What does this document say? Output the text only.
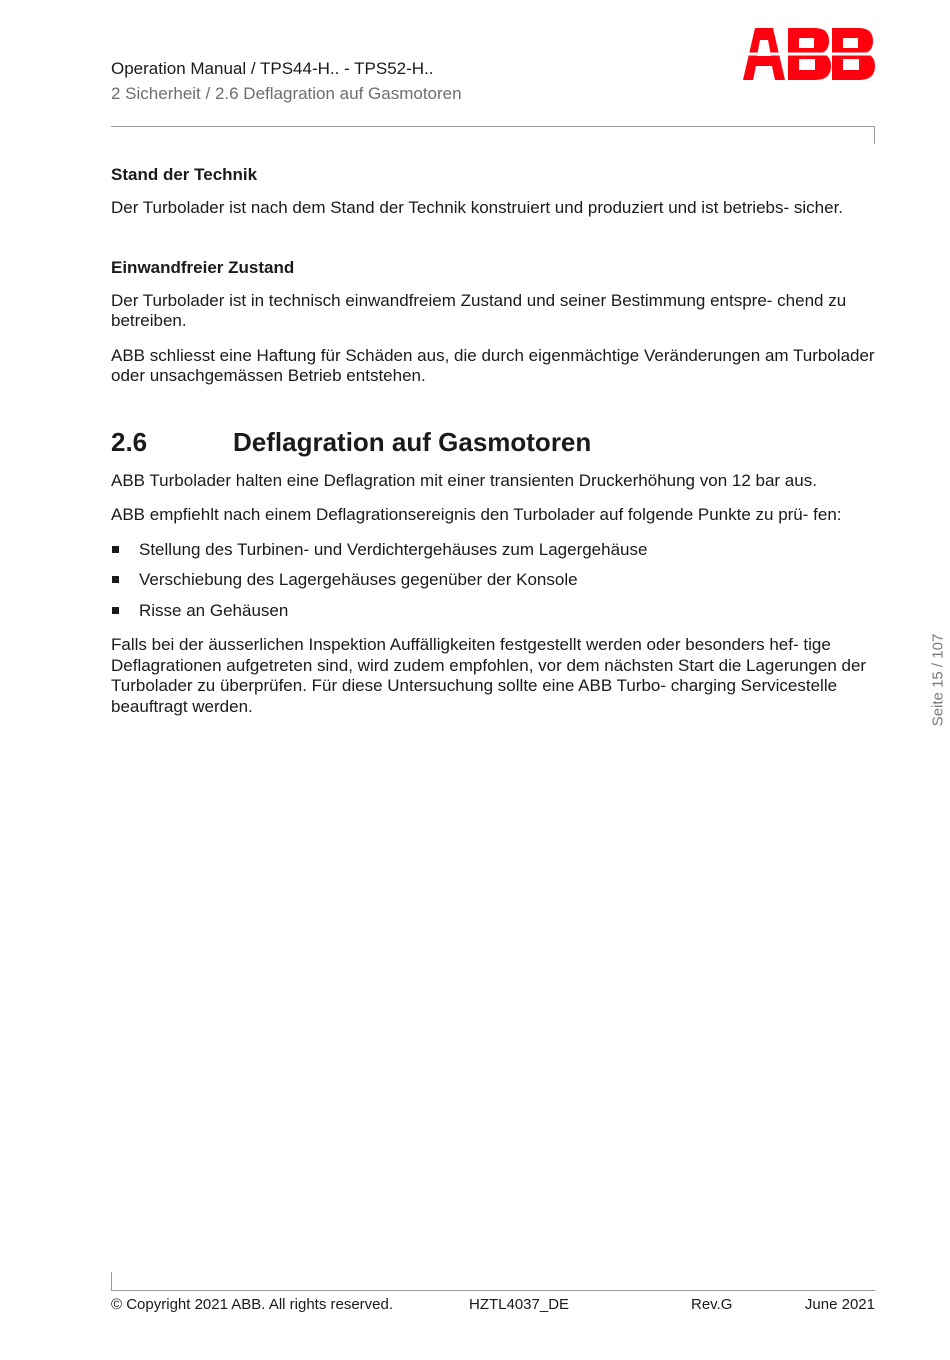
Operation Manual / TPS44-H.. - TPS52-H..
2 Sicherheit / 2.6 Deflagration auf Gasmotoren
Seite 15 / 107
Stand der Technik

Der Turbolader ist nach dem Stand der Technik konstruiert und produziert und ist betriebs- sicher.

Einwandfreier Zustand

Der Turbolader ist in technisch einwandfreiem Zustand und seiner Bestimmung entspre- chend zu betreiben.

ABB schliesst eine Haftung für Schäden aus, die durch eigenmächtige Veränderungen am Turbolader oder unsachgemässen Betrieb entstehen.

2.6	Deflagration auf Gasmotoren

ABB Turbolader halten eine Deflagration mit einer transienten Druckerhöhung von 12 bar aus.

ABB empfiehlt nach einem Deflagrationsereignis den Turbolader auf folgende Punkte zu prü- fen:

Stellung des Turbinen- und Verdichtergehäuses zum Lagergehäuse
Verschiebung des Lagergehäuses gegenüber der Konsole
Risse an Gehäusen

Falls bei der äusserlichen Inspektion Auffälligkeiten festgestellt werden oder besonders hef- tige Deflagrationen aufgetreten sind, wird zudem empfohlen, vor dem nächsten Start die Lagerungen der Turbolader zu überprüfen. Für diese Untersuchung sollte eine ABB Turbo- charging Servicestelle beauftragt werden.

© Copyright 2021 ABB. All rights reserved.	HZTL4037_DE	Rev.G	June 2021
